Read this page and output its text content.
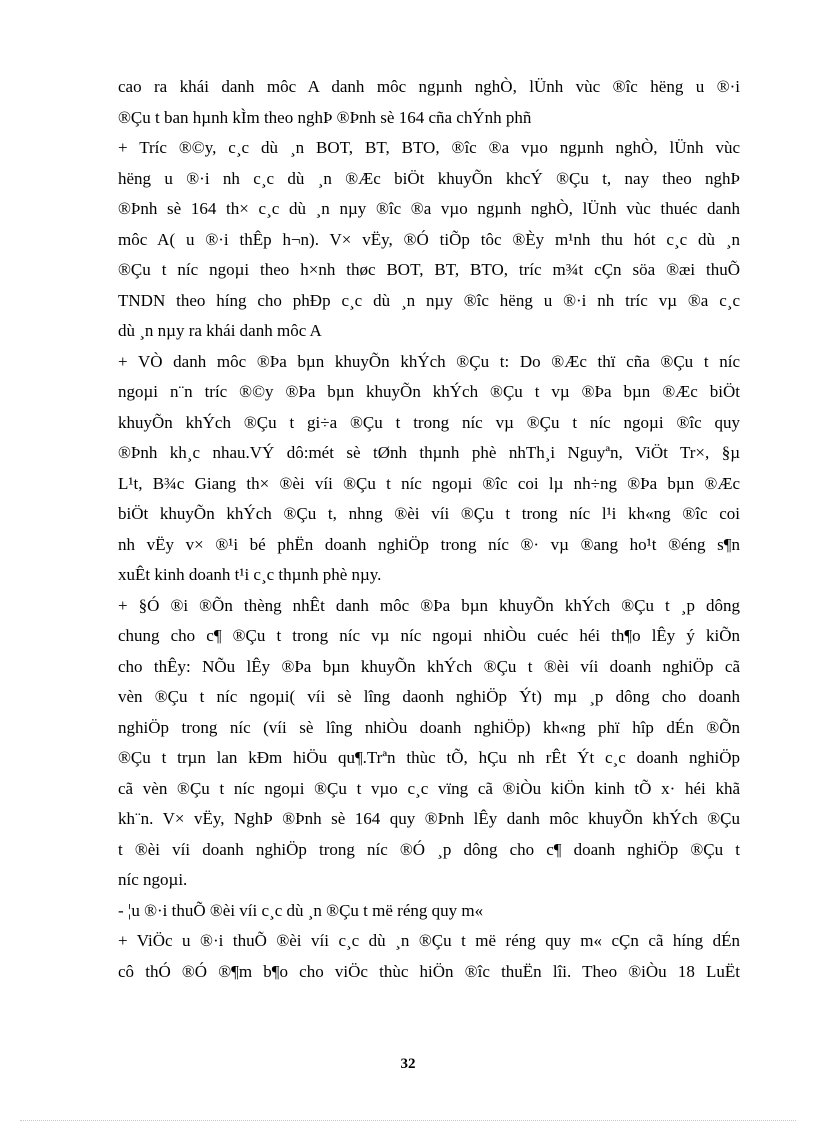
cao ra khái danh môc A danh môc ngµnh nghÒ, lÜnh vùc ®îc hëng u ®·i
®Çu t ban hµnh kÌm theo nghÞ ®Þnh sè 164 cña chÝnh phñ
+ Tríc ®©y, c¸c dù ¸n BOT, BT, BTO, ®îc ®a vµo ngµnh nghÒ, lÜnh vùc
hëng u ®·i nh c¸c dù ¸n ®Æc biÖt khuyÕn khcÝ ®Çu t, nay theo nghÞ
®Þnh sè 164 th× c¸c dù ¸n nµy ®îc ®a vµo ngµnh nghÒ, lÜnh vùc thuéc danh
môc A( u ®·i thÊp h¬n). V× vËy, ®Ó tiÕp tôc ®Èy m¹nh thu hót c¸c dù ¸n
®Çu t níc ngoµi theo h×nh thøc BOT, BT, BTO, tríc m¾t cÇn söa ®æi thuÕ
TNDN theo híng cho phÐp c¸c dù ¸n nµy ®îc hëng u ®·i nh tríc vµ ®a c¸c
dù ¸n nµy ra khái danh môc A
+ VÒ danh môc ®Þa bµn khuyÕn khÝch ®Çu t: Do ®Æc thï cña ®Çu t níc
ngoµi n¨n tríc ®©y ®Þa bµn khuyÕn khÝch ®Çu t vµ ®Þa bµn ®Æc biÖt
khuyÕn khÝch ®Çu t gi÷a ®Çu t trong níc vµ ®Çu t níc ngoµi ®îc quy
®Þnh kh¸c nhau.VÝ dô:mét sè tØnh thµnh phè nhTh¸i Nguyªn, ViÖt Tr×, §µ
L¹t, B¾c Giang th× ®èi víi ®Çu t níc ngoµi ®îc coi lµ nh÷ng ®Þa bµn ®Æc
biÖt khuyÕn khÝch ®Çu t, nhng ®èi víi ®Çu t trong níc l¹i kh«ng ®îc coi
nh vËy v× ®¹i bé phËn doanh nghiÖp trong níc ®· vµ ®ang ho¹t ®éng s¶n
xuÊt kinh doanh t¹i c¸c thµnh phè nµy.
+ §Ó ®i ®Õn thèng nhÊt danh môc ®Þa bµn khuyÕn khÝch ®Çu t ¸p dông
chung cho c¶ ®Çu t trong níc vµ níc ngoµi nhiÒu cuéc héi th¶o lÊy ý kiÕn
cho thÊy: NÕu lÊy ®Þa bµn khuyÕn khÝch ®Çu t ®èi víi doanh nghiÖp cã
vèn ®Çu t níc ngoµi( víi sè lîng daonh nghiÖp Ýt) mµ ¸p dông cho doanh
nghiÖp trong níc (víi sè lîng nhiÒu doanh nghiÖp) kh«ng phï hîp dÉn ®Õn
®Çu t trµn lan kÐm hiÖu qu¶.Trªn thùc tÕ, hÇu nh rÊt Ýt c¸c doanh nghiÖp
cã vèn ®Çu t níc ngoµi ®Çu t vµo c¸c vïng cã ®iÒu kiÖn kinh tÕ x· héi khã
kh¨n. V× vËy, NghÞ ®Þnh sè 164 quy ®Þnh lÊy danh môc khuyÕn khÝch ®Çu
t ®èi víi doanh nghiÖp trong níc ®Ó ¸p dông cho c¶ doanh nghiÖp ®Çu t
níc ngoµi.
- ¦u ®·i thuÕ ®èi víi c¸c dù ¸n ®Çu t më réng quy m«
+ ViÖc u ®·i thuÕ ®èi víi c¸c dù ¸n ®Çu t më réng quy m« cÇn cã híng dÉn
cô thÓ ®Ó ®¶m b¶o cho viÖc thùc hiÖn ®îc thuËn lîi. Theo ®iÒu 18 LuËt
32
